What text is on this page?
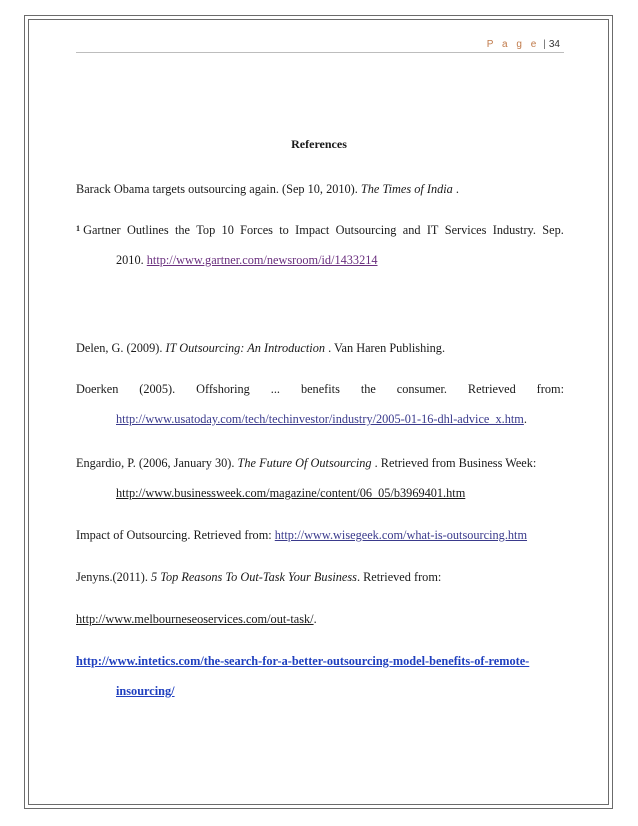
P a g e | 34
References
Barack Obama targets outsourcing again. (Sep 10, 2010). The Times of India .
$^1$ Gartner Outlines the Top 10 Forces to Impact Outsourcing and IT Services Industry. Sep.
2010. http://www.gartner.com/newsroom/id/1433214
Delen, G. (2009). IT Outsourcing: An Introduction . Van Haren Publishing.
Doerken (2005). Offshoring ... benefits the consumer. Retrieved from:
http://www.usatoday.com/tech/techinvestor/industry/2005-01-16-dhl-advice_x.htm.
Engardio, P. (2006, January 30). The Future Of Outsourcing . Retrieved from Business Week:
http://www.businessweek.com/magazine/content/06_05/b3969401.htm
Impact of Outsourcing. Retrieved from: http://www.wisegeek.com/what-is-outsourcing.htm
Jenyns.(2011). 5 Top Reasons To Out-Task Your Business. Retrieved from:
http://www.melbourneseoservices.com/out-task/.
http://www.intetics.com/the-search-for-a-better-outsourcing-model-benefits-of-remote-
insourcing/
